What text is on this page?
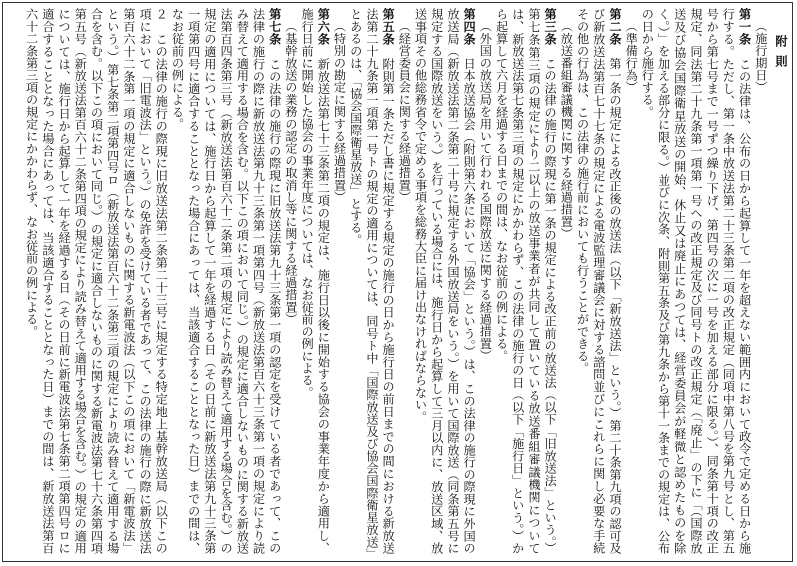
附則

（施行期日）

第一条　この法律は、公布の日から起算して一年を超えない範囲内において政令で定める日から施行する。ただし、第一条中放送法第二十三条第二項の改正規定（同項中第八号を第九号とし、第五号から第七号まで一号ずつ繰り下げ、第四号の次に一号を加える部分に限る。）、同条第十項の改正規定、同法第二十九条第一項第一号ヘの改正規定及び同号トの改正規定（「廃止」の下に「（国際放送及び協会国際衛星放送の開始、休止又は廃止にあつては、経営委員会が軽微と認めたものを除く。）」を加える部分に限る。）並びに次条、附則第五条及び第九条から第十一条までの規定は、公布の日から施行する。

（準備行為）

第二条　第一条の規定による改正後の放送法（以下「新放送法」という。）第二十条第九項の認可及び新放送法第百七十七条の規定による電波監理審議会に対する諮問並びにこれらに関し必要な手続その他の行為は、この法律の施行前においても行うことができる。

（放送番組審議機関に関する経過措置）

第三条　この法律の施行の際現に第一条の規定による改正前の放送法（以下「旧放送法」という。）第七条第三項の規定により二以上の放送事業者が共同して置いている放送番組審議機関については、新放送法第七条第三項の規定にかかわらず、この法律の施行の日（以下「施行日」という。）から起算して六月を経過する日までの間は、なお従前の例による。

（外国の放送局を用いて行われる国際放送に関する経過措置）

第四条　日本放送協会（附則第六条において「協会」という。）は、この法律の施行の際現に外国の放送局（新放送法第二条第二十号に規定する外国放送局をいう。）を用いて国際放送（同条第五号に規定する国際放送をいう。）を行っている場合には、施行日から起算して三月以内に、放送区域、放送事項その他総務省令で定める事項を総務大臣に届け出なければならない。

（経営委員会に関する経過措置）

第五条　附則第一条ただし書に規定する規定の施行の日から施行日の前日までの間における新放送法第二十九条第一項第一号トの規定の適用については、同号ト中「国際放送及び協会国際衛星放送」とあるのは、「協会国際衛星放送」とする。

（特別の勘定に関する経過措置）

第六条　新放送法第七十三条第二項の規定は、施行日以後に開始する協会の事業年度から適用し、施行日前に開始した協会の事業年度については、なお従前の例による。

（基幹放送の業務の認定の取消し等に関する経過措置）

第七条　この法律の施行の際現に旧放送法第九十三条第一項の認定を受けている者であって、この法律の施行の際に新放送法第九十三条第一項第四号（新放送法第百六十三条第一項の規定により読み替えて適用する場合を含む。以下この項において同じ。）の規定に適合しないものに関する新放送法第百四条第三号（新放送法第百六十二条第二項の規定により読み替えて適用する場合を含む。）の規定の適用については、施行日から起算して一年を経過する日（その日前に新放送法第九十三条第一項第四号に適合することとなった場合にあっては、当該適合することとなった日）までの間は、なお従前の例による。

２　この法律の施行の際現に旧放送法第二条第二十三号に規定する特定地上基幹放送局（以下この項において「旧電波法」という。）の免許を受けている者であって、この法律の施行の際に新放送法第百六十二条第一項の規定に適合しないものに関する新電波法（以下この項において「新電波法」という。）第七条第二項第四号ロ（新放送法第百六十二条第三項の規定により読み替えて適用する場合を含む。以下この項において同じ。）の規定に適合しないものに関する新電波法第七十六条第四項第五号（新放送法第百六十二条第四項の規定により読み替えて適用する場合を含む。）の規定の適用については、施行日から起算して一年を経過する日（その日前に新電波法第七条第二項第四号ロに適合することとなった場合にあっては、当該適合することとなった日）までの間は、新放送法第百六十二条第三項の規定にかかわらず、なお従前の例による。
